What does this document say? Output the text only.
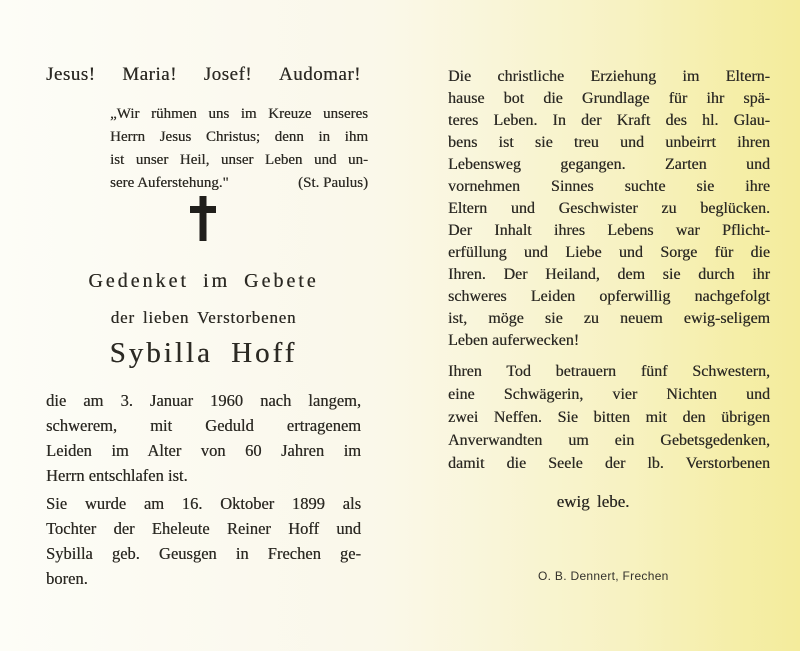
Jesus! Maria! Josef! Audomar!
„Wir rühmen uns im Kreuze unseres
Herrn Jesus Christus; denn in ihm
ist unser Heil, unser Leben und un-
sere Auferstehung."	(St. Paulus)
Gedenket im Gebete
der lieben Verstorbenen
Sybilla Hoff
die am 3. Januar 1960 nach langem,
schwerem, mit Geduld ertragenem
Leiden im Alter von 60 Jahren im
Herrn entschlafen ist.
Sie wurde am 16. Oktober 1899 als
Tochter der Eheleute Reiner Hoff und
Sybilla geb. Geusgen in Frechen ge-
boren.
Die christliche Erziehung im Eltern-
hause bot die Grundlage für ihr spä-
teres Leben. In der Kraft des hl. Glau-
bens ist sie treu und unbeirrt ihren
Lebensweg gegangen. Zarten und
vornehmen Sinnes suchte sie ihre
Eltern und Geschwister zu beglücken.
Der Inhalt ihres Lebens war Pflicht-
erfüllung und Liebe und Sorge für die
Ihren. Der Heiland, dem sie durch ihr
schweres Leiden opferwillig nachgefolgt
ist, möge sie zu neuem ewig-seligem
Leben auferwecken!
Ihren Tod betrauern fünf Schwestern,
eine Schwägerin, vier Nichten und
zwei Neffen. Sie bitten mit den übrigen
Anverwandten um ein Gebetsgedenken,
damit die Seele der lb. Verstorbenen
ewig lebe.
O. B. Dennert, Frechen
